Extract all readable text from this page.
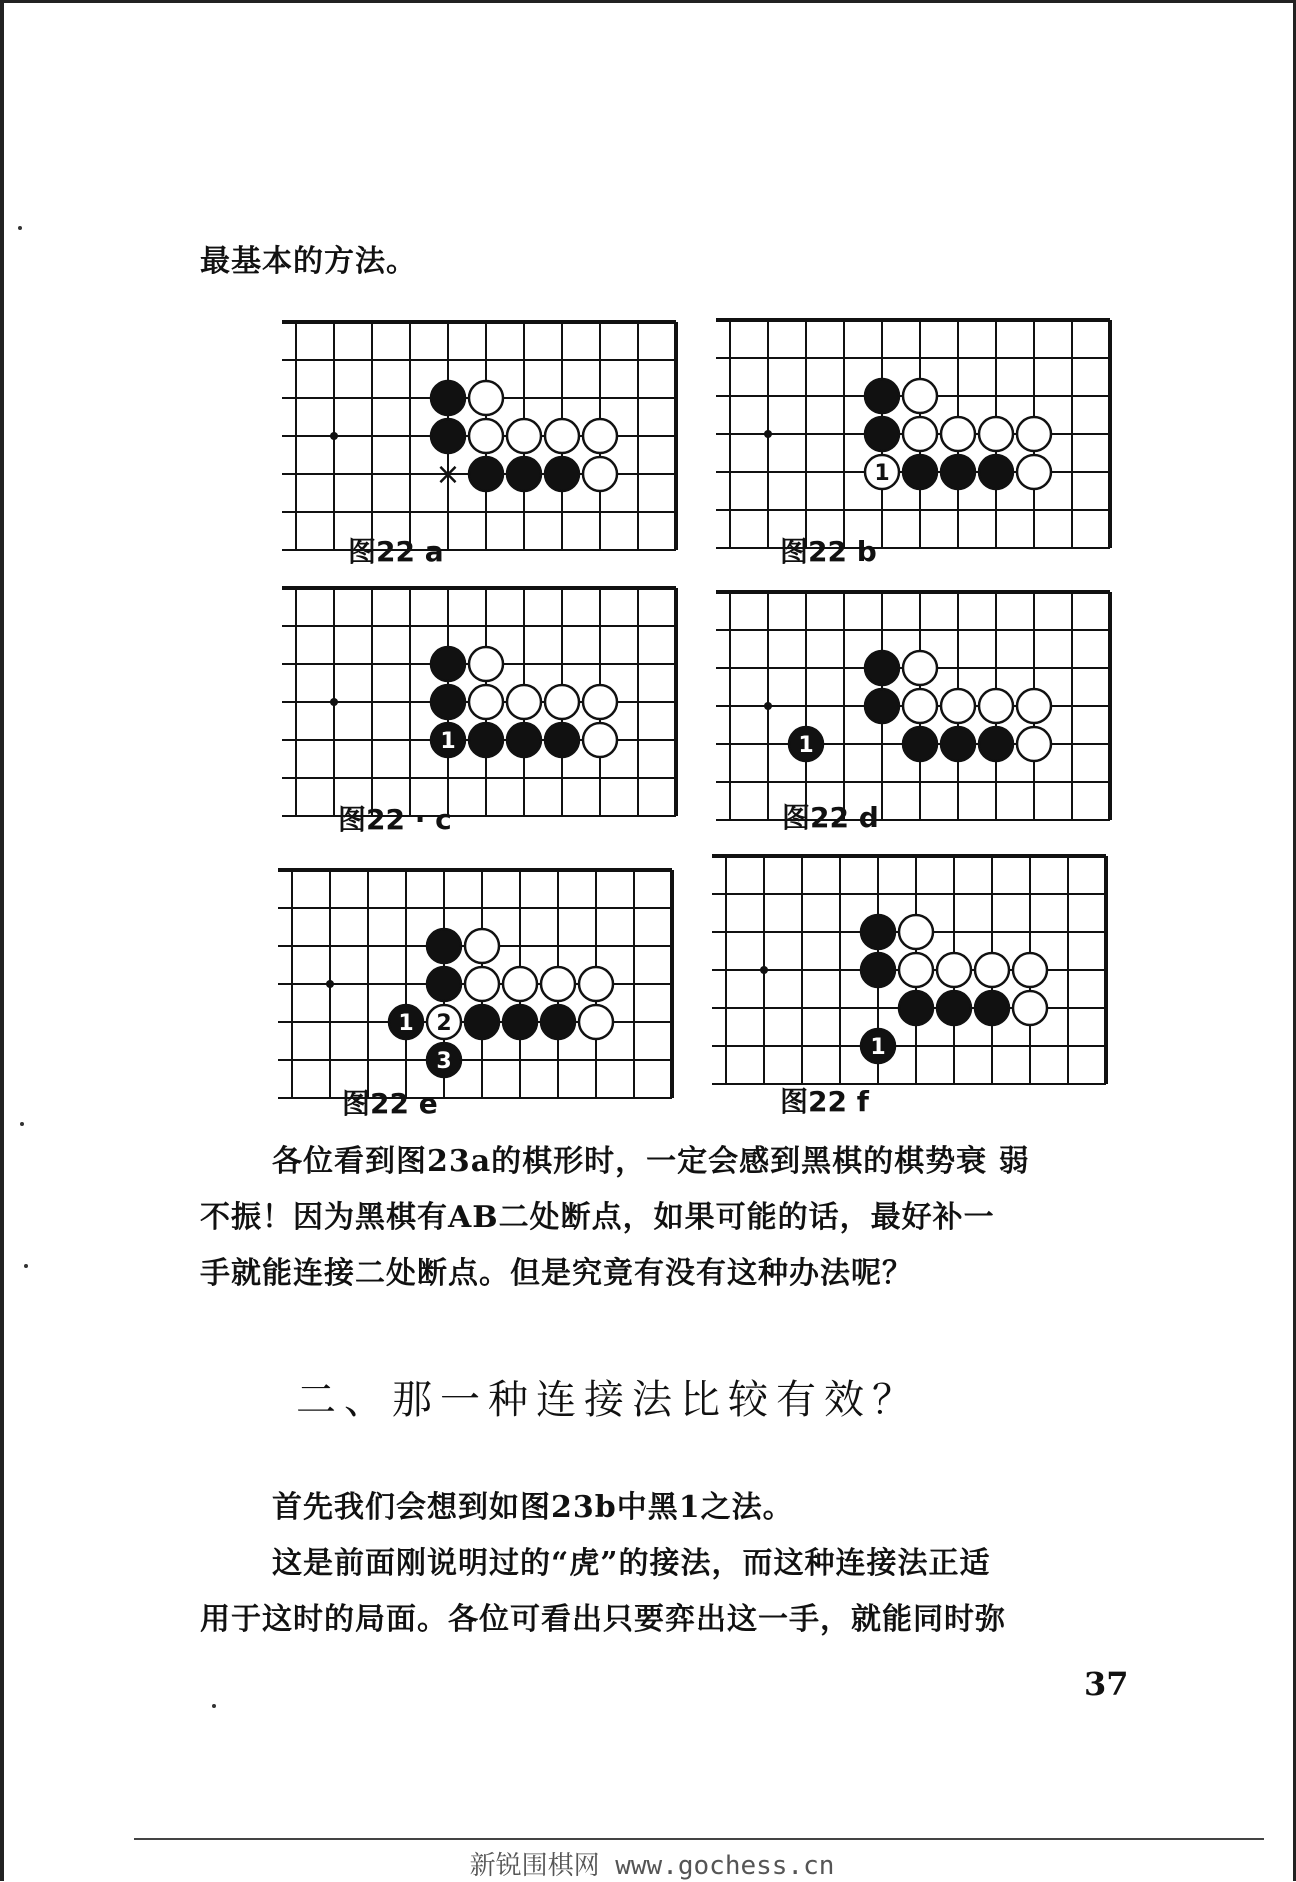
最基本的方法。
×
图22 a
1
图22 b
1
图22 · c
1
图22 d
1 2
3
图22 e
1
图22 f
各位看到图23a的棋形时，一定会感到黑棋的棋势衰 弱
不振！因为黑棋有AB二处断点，如果可能的话，最好补一
手就能连接二处断点。但是究竟有没有这种办法呢？
二、那一种连接法比较有效？
首先我们会想到如图23b中黑1之法。
这是前面刚说明过的“虎”的接法，而这种连接法正适
用于这时的局面。各位可看出只要弈出这一手，就能同时弥
37
新锐围棋网 www.gochess.cn
